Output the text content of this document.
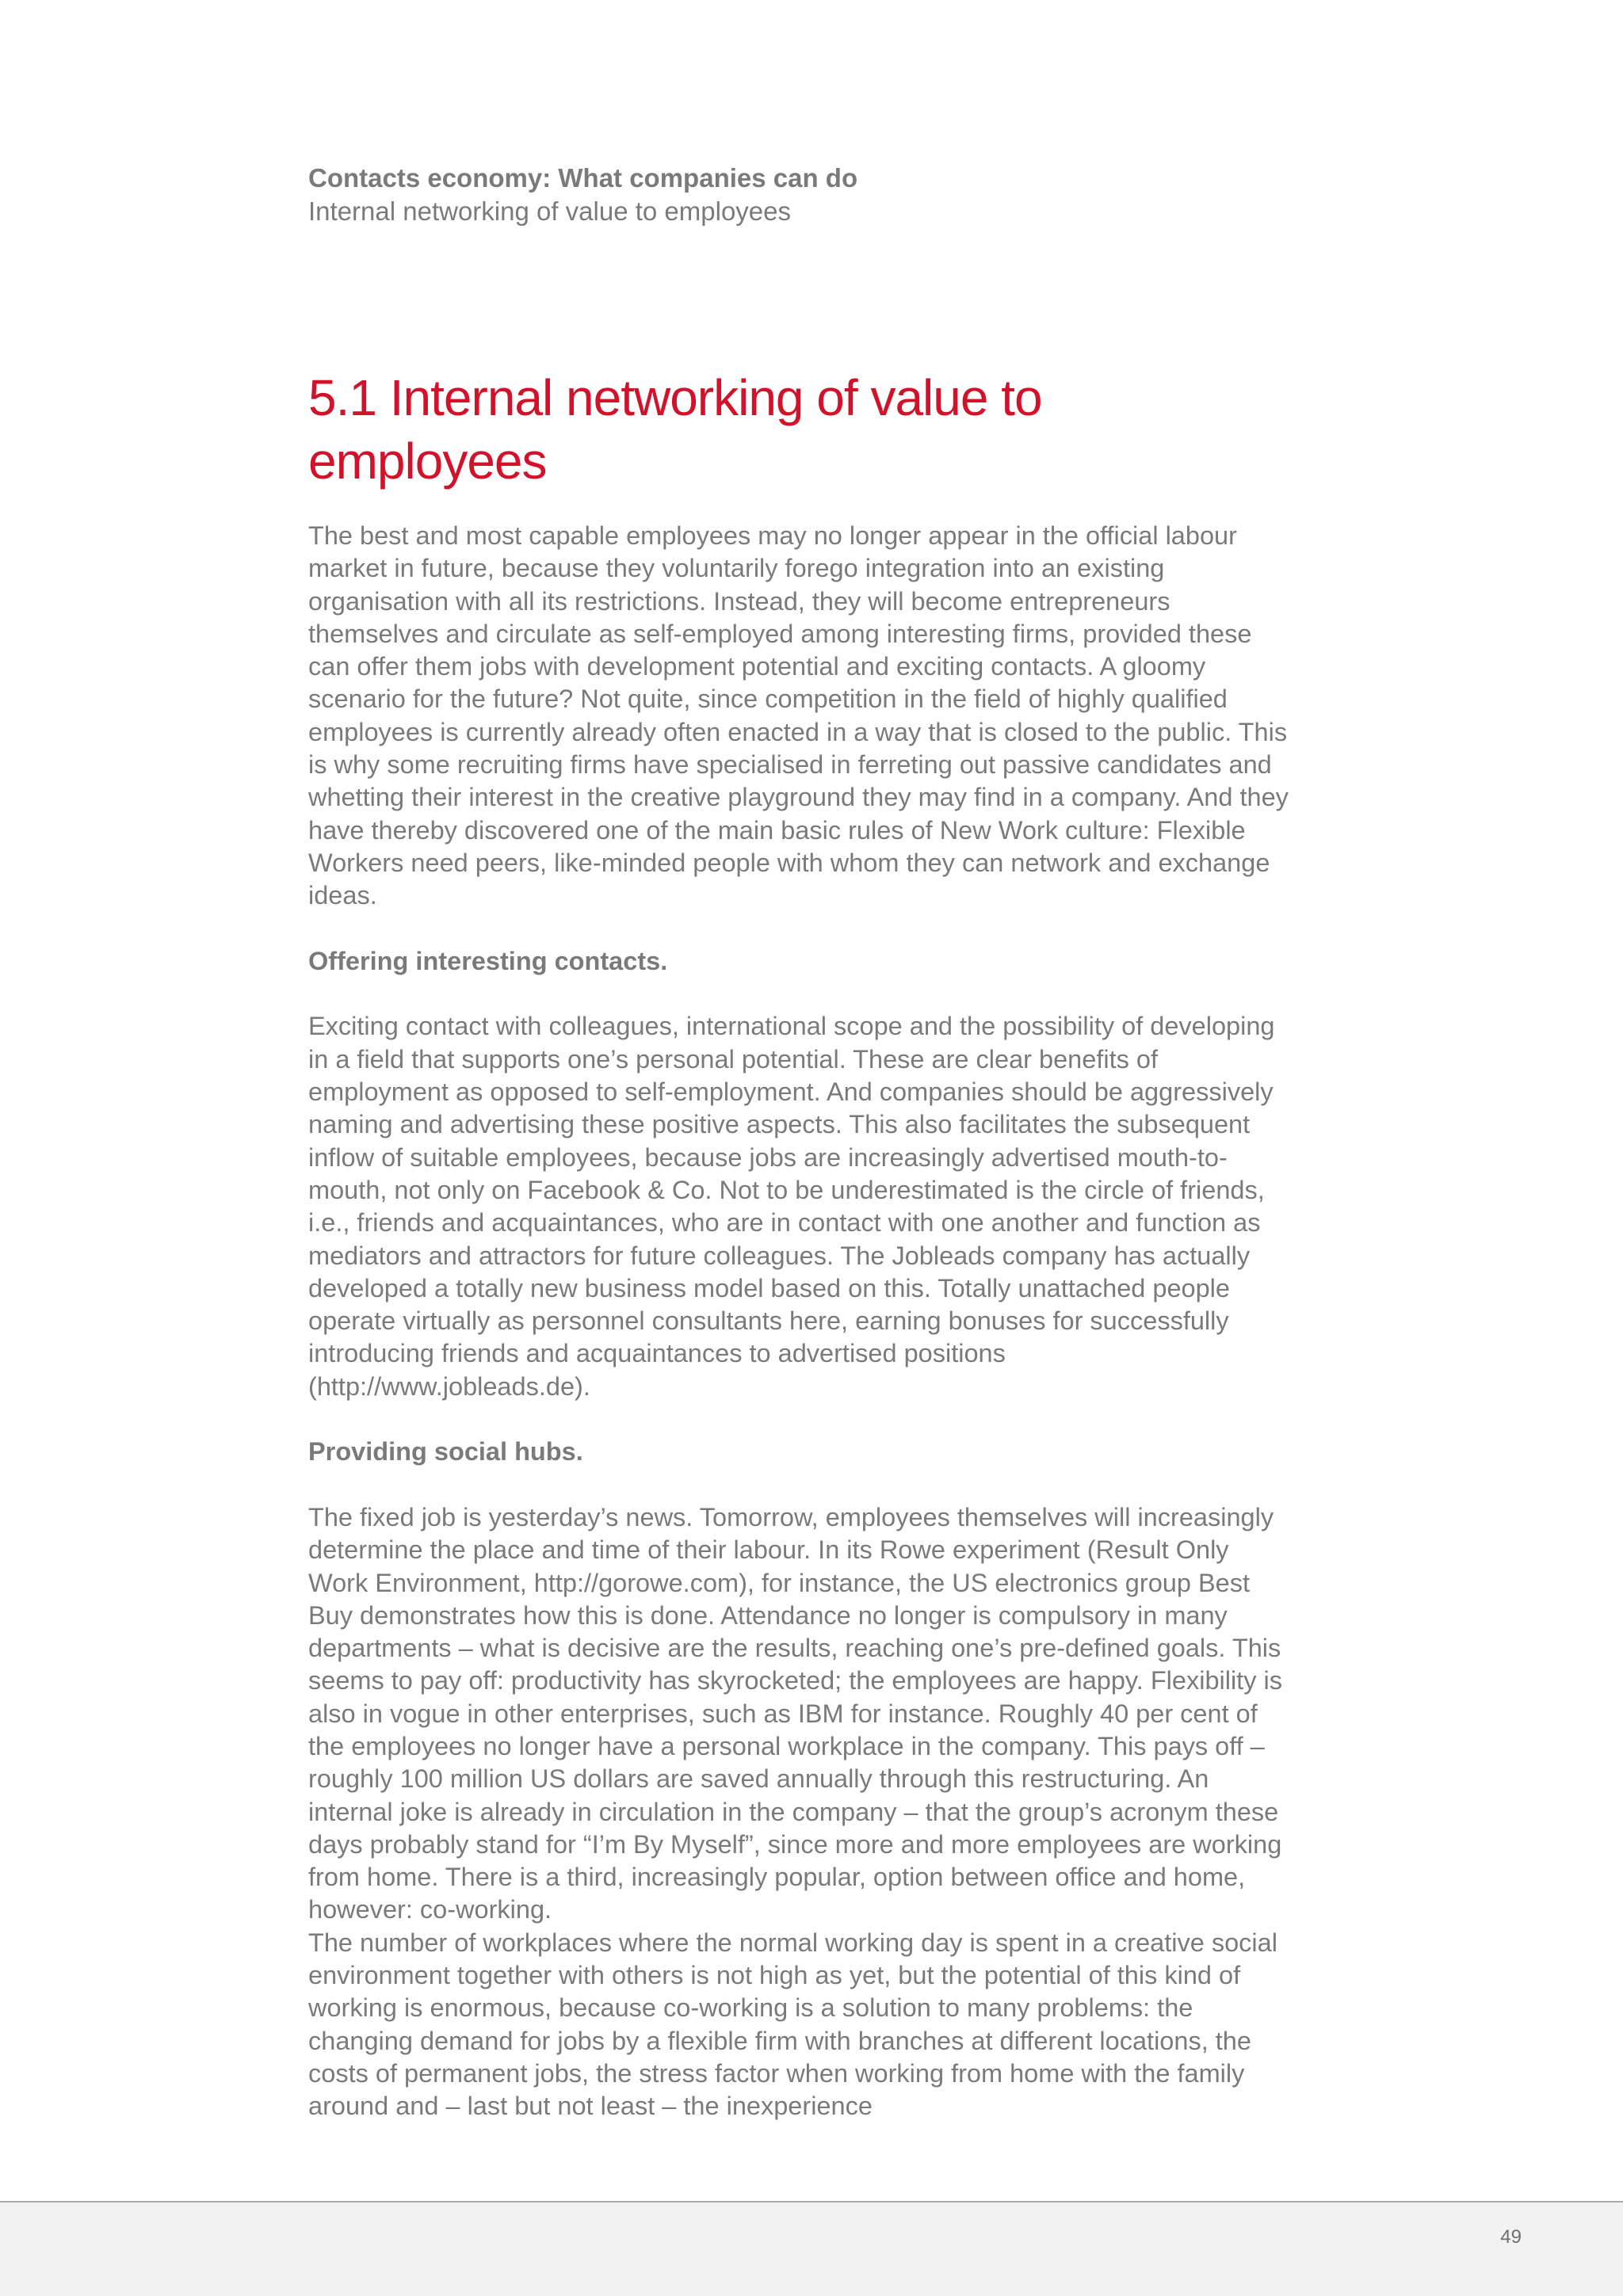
Contacts economy: What companies can do
Internal networking of value to employees
5.1 Internal networking of value to employees

The best and most capable employees may no longer appear in the official labour market in future, because they voluntarily forego integration into an existing organisation with all its restrictions. Instead, they will become entrepreneurs themselves and circulate as self-employed among interesting firms, provided these can offer them jobs with development potential and exciting contacts. A gloomy scenario for the future? Not quite, since competition in the field of highly qualified employees is currently already often enacted in a way that is closed to the public. This is why some recruiting firms have specialised in ferreting out passive candidates and whetting their interest in the creative playground they may find in a company. And they have thereby discovered one of the main basic rules of New Work culture: Flexible Workers need peers, like-minded people with whom they can network and exchange ideas.

Offering interesting contacts.

Exciting contact with colleagues, international scope and the possibility of developing in a field that supports one’s personal potential. These are clear benefits of employment as opposed to self-employment. And companies should be aggressively naming and advertising these positive aspects. This also facilitates the subsequent inflow of suitable employees, because jobs are increasingly advertised mouth-to-mouth, not only on Facebook & Co. Not to be underestimated is the circle of friends, i.e., friends and acquaintances, who are in contact with one another and function as mediators and attractors for future colleagues. The Jobleads company has actually developed a totally new business model based on this. Totally unattached people operate virtually as personnel consultants here, earning bonuses for successfully introducing friends and acquaintances to advertised positions (http://www.jobleads.de).

Providing social hubs.

The fixed job is yesterday’s news. Tomorrow, employees themselves will increasingly determine the place and time of their labour. In its Rowe experiment (Result Only Work Environment, http://gorowe.com), for instance, the US electronics group Best Buy demonstrates how this is done. Attendance no longer is compulsory in many departments – what is decisive are the results, reaching one’s pre-defined goals. This seems to pay off: productivity has skyrocketed; the employees are happy. Flexibility is also in vogue in other enterprises, such as IBM for instance. Roughly 40 per cent of the employees no longer have a personal workplace in the company. This pays off – roughly 100 million US dollars are saved annually through this restructuring. An internal joke is already in circulation in the company – that the group’s acronym these days probably stand for “I’m By Myself”, since more and more employees are working from home. There is a third, increasingly popular, option between office and home, however: co-working.

The number of workplaces where the normal working day is spent in a creative social environment together with others is not high as yet, but the potential of this kind of working is enormous, because co-working is a solution to many problems: the changing demand for jobs by a flexible firm with branches at different locations, the costs of permanent jobs, the stress factor when working from home with the family around and – last but not least – the inexperience

49
